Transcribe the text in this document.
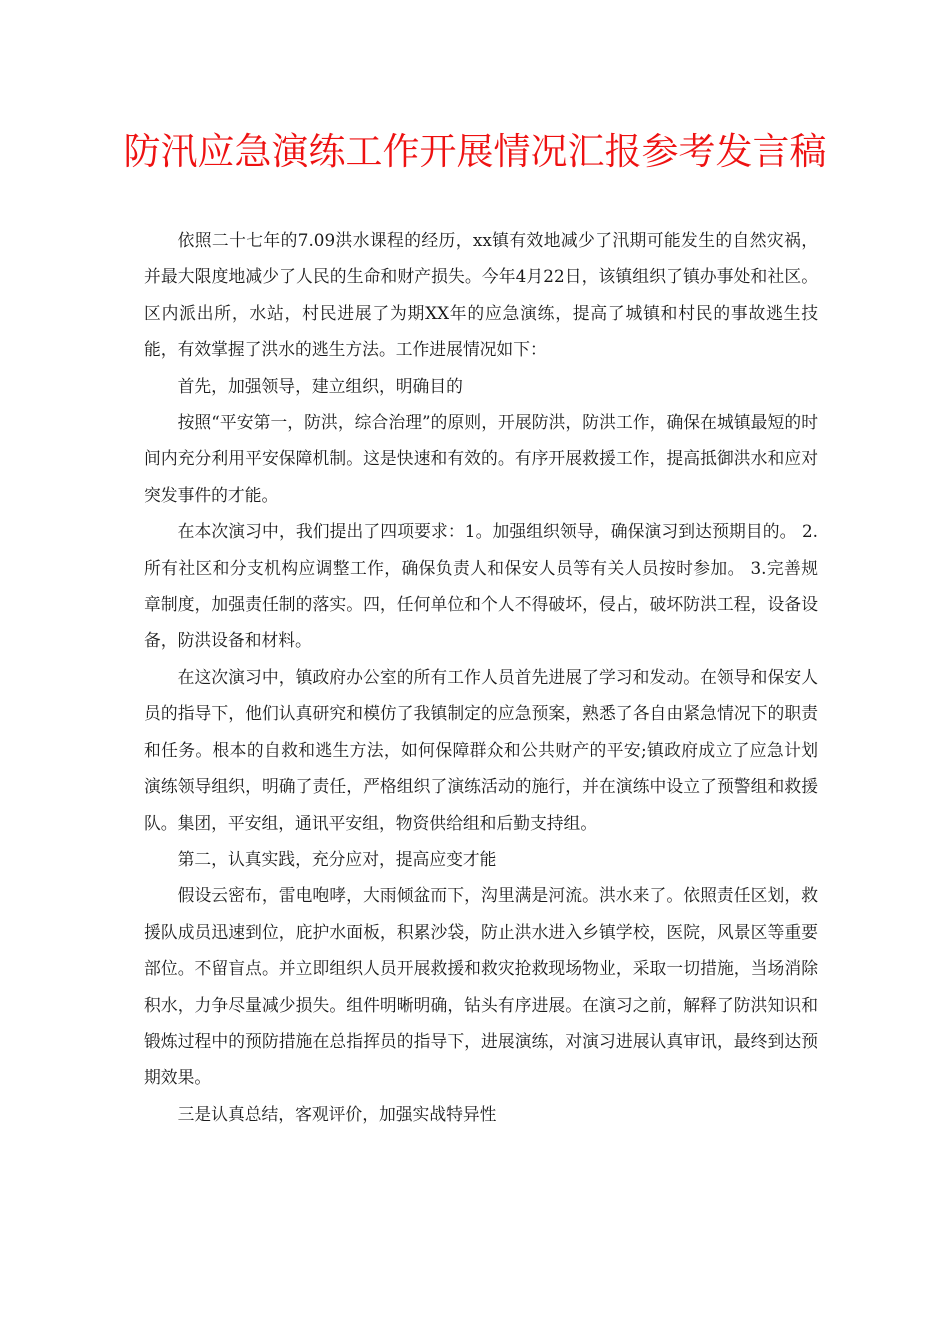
防汛应急演练工作开展情况汇报参考发言稿

依照二十七年的7.09洪水课程的经历，xx镇有效地减少了汛期可能发生的自然灾祸，并最大限度地减少了人民的生命和财产损失。今年4月22日，该镇组织了镇办事处和社区。区内派出所，水站，村民进展了为期XX年的应急演练，提高了城镇和村民的事故逃生技能，有效掌握了洪水的逃生方法。工作进展情况如下：

首先，加强领导，建立组织，明确目的

按照“平安第一，防洪，综合治理”的原则，开展防洪，防洪工作，确保在城镇最短的时间内充分利用平安保障机制。这是快速和有效的。有序开展救援工作，提高抵御洪水和应对突发事件的才能。

在本次演习中，我们提出了四项要求：1。加强组织领导，确保演习到达预期目的。 2.所有社区和分支机构应调整工作，确保负责人和保安人员等有关人员按时参加。 3.完善规章制度，加强责任制的落实。四，任何单位和个人不得破坏，侵占，破坏防洪工程，设备设备，防洪设备和材料。

在这次演习中，镇政府办公室的所有工作人员首先进展了学习和发动。在领导和保安人员的指导下，他们认真研究和模仿了我镇制定的应急预案，熟悉了各自由紧急情况下的职责和任务。根本的自救和逃生方法，如何保障群众和公共财产的平安;镇政府成立了应急计划演练领导组织，明确了责任，严格组织了演练活动的施行，并在演练中设立了预警组和救援队。集团，平安组，通讯平安组，物资供给组和后勤支持组。

第二，认真实践，充分应对，提高应变才能

假设云密布，雷电咆哮，大雨倾盆而下，沟里满是河流。洪水来了。依照责任区划，救援队成员迅速到位，庇护水面板，积累沙袋，防止洪水进入乡镇学校，医院，风景区等重要部位。不留盲点。并立即组织人员开展救援和救灾抢救现场物业，采取一切措施，当场消除积水，力争尽量减少损失。组件明晰明确，钻头有序进展。在演习之前，解释了防洪知识和锻炼过程中的预防措施在总指挥员的指导下，进展演练，对演习进展认真审讯，最终到达预期效果。

三是认真总结，客观评价，加强实战特异性
